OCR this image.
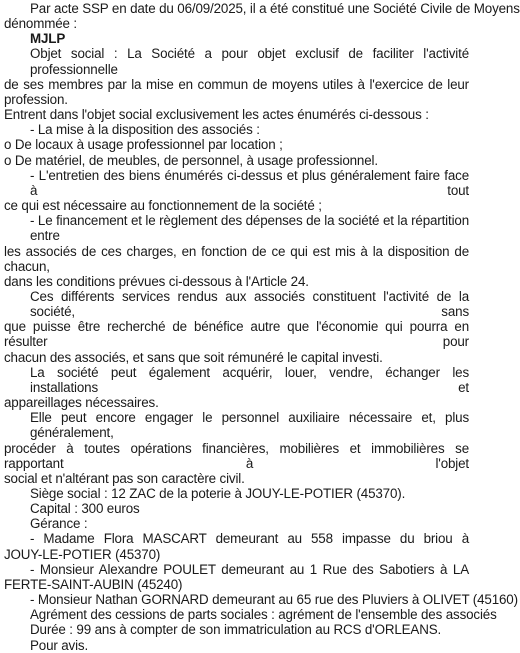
Par acte SSP en date du 06/09/2025, il a été constitué une Société Civile de Moyens
dénommée :
MJLP
Objet social : La Société a pour objet exclusif de faciliter l'activité professionnelle
de ses membres par la mise en commun de moyens utiles à l'exercice de leur profession.
Entrent dans l'objet social exclusivement les actes énumérés ci-dessous :
- La mise à la disposition des associés :
o De locaux à usage professionnel par location ;
o De matériel, de meubles, de personnel, à usage professionnel.
- L'entretien des biens énumérés ci-dessus et plus généralement faire face à tout
ce qui est nécessaire au fonctionnement de la société ;
- Le financement et le règlement des dépenses de la société et la répartition entre
les associés de ces charges, en fonction de ce qui est mis à la disposition de chacun,
dans les conditions prévues ci-dessous à l'Article 24.
Ces différents services rendus aux associés constituent l'activité de la société, sans
que puisse être recherché de bénéfice autre que l'économie qui pourra en résulter pour
chacun des associés, et sans que soit rémunéré le capital investi.
La société peut également acquérir, louer, vendre, échanger les installations et
appareillages nécessaires.
Elle peut encore engager le personnel auxiliaire nécessaire et, plus généralement,
procéder à toutes opérations financières, mobilières et immobilières se rapportant à l'objet
social et n'altérant pas son caractère civil.
Siège social : 12 ZAC de la poterie à JOUY-LE-POTIER (45370).
Capital : 300 euros
Gérance :
- Madame Flora MASCART demeurant au 558 impasse du briou à
JOUY-LE-POTIER (45370)
- Monsieur Alexandre POULET demeurant au 1 Rue des Sabotiers à LA
FERTE-SAINT-AUBIN (45240)
- Monsieur Nathan GORNARD demeurant au 65 rue des Pluviers à OLIVET (45160)
Agrément des cessions de parts sociales : agrément de l'ensemble des associés
Durée : 99 ans à compter de son immatriculation au RCS d'ORLEANS.
Pour avis.
